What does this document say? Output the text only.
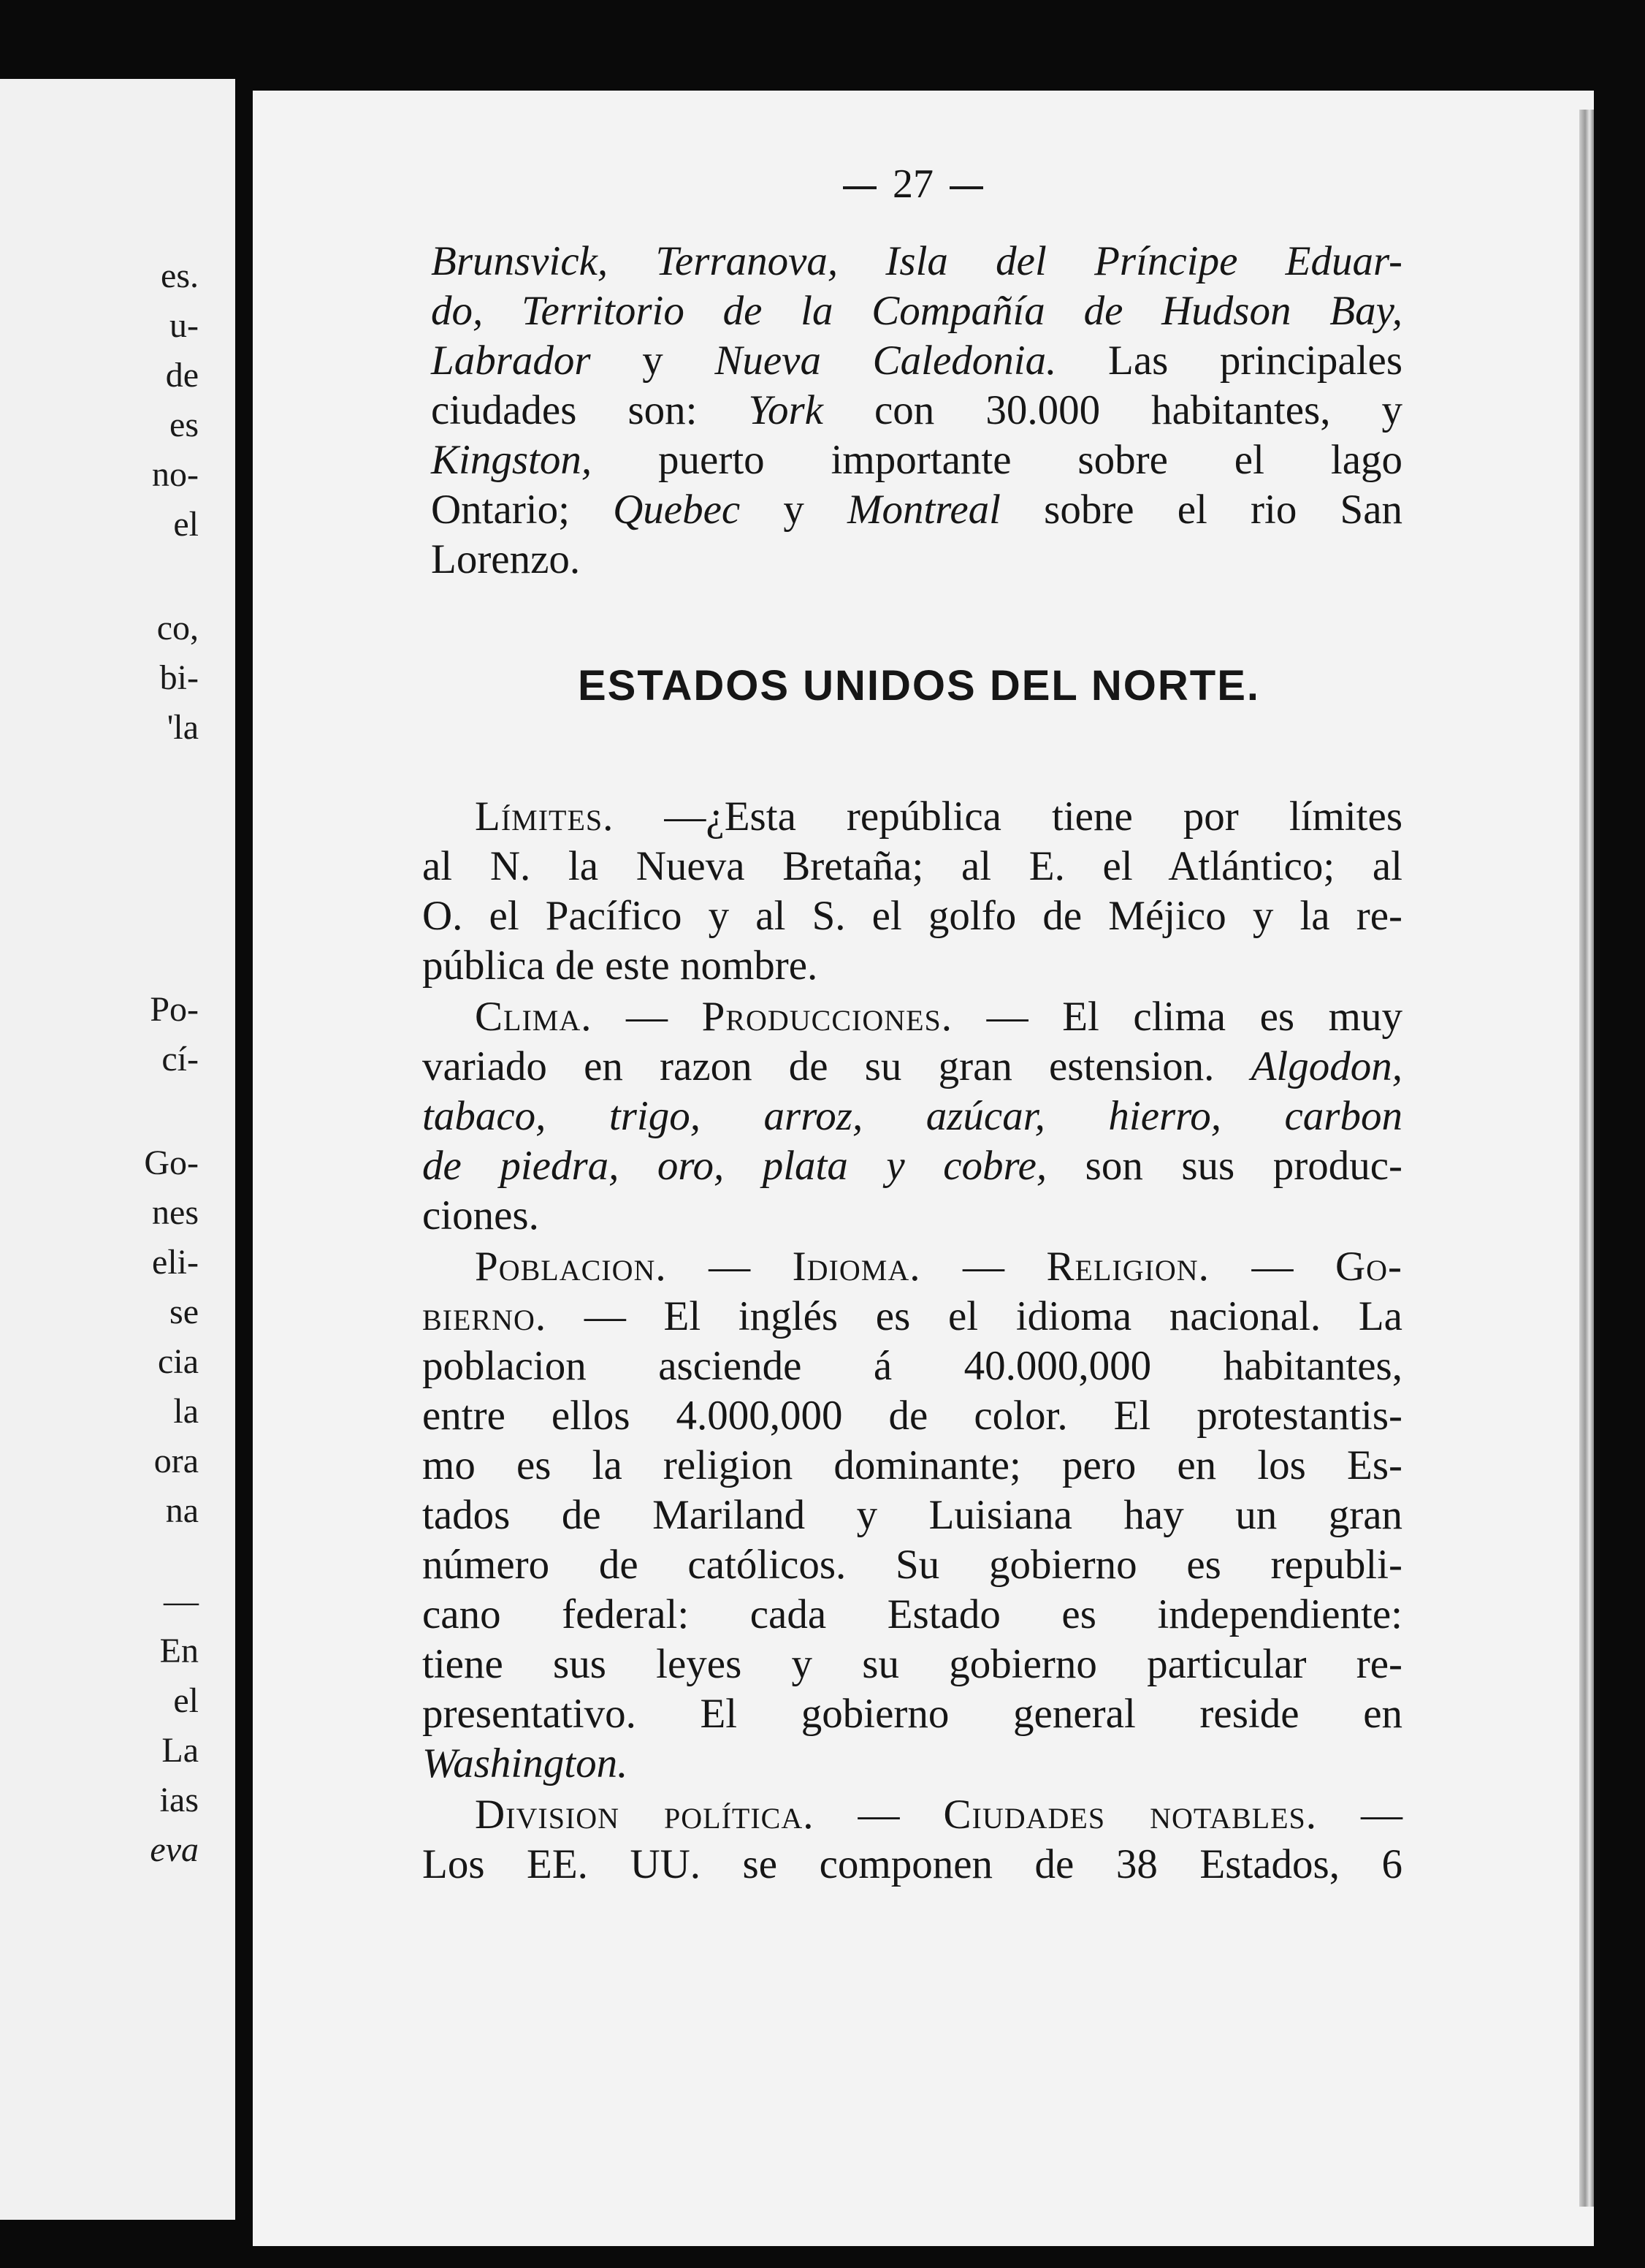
es.
u-
de
es
no-
el
co,
bi-
'la
Po-
cí-
Go-
nes
eli-
se
cia
la
ora
na
—
En
el
La
ias
eva
27
Brunsvick, Terranova, Isla del Príncipe Eduar-
do, Territorio de la Compañía de Hudson Bay,
Labrador y Nueva Caledonia. Las principales
ciudades son: York con 30.000 habitantes, y
Kingston, puerto importante sobre el lago
Ontario; Quebec y Montreal sobre el rio San
Lorenzo.
ESTADOS UNIDOS DEL NORTE.
Límites. —¿Esta república tiene por límites
al N. la Nueva Bretaña; al E. el Atlántico; al
O. el Pacífico y al S. el golfo de Méjico y la re-
pública de este nombre.
Clima. — Producciones. — El clima es muy
variado en razon de su gran estension. Algodon,
tabaco, trigo, arroz, azúcar, hierro, carbon
de piedra, oro, plata y cobre, son sus produc-
ciones.
Poblacion. — Idioma. — Religion. — Go-
bierno. — El inglés es el idioma nacional. La
poblacion asciende á 40.000,000 habitantes,
entre ellos 4.000,000 de color. El protestantis-
mo es la religion dominante; pero en los Es-
tados de Mariland y Luisiana hay un gran
número de católicos. Su gobierno es republi-
cano federal: cada Estado es independiente:
tiene sus leyes y su gobierno particular re-
presentativo. El gobierno general reside en
Washington.
Division política. — Ciudades notables. —
Los EE. UU. se componen de 38 Estados, 6
